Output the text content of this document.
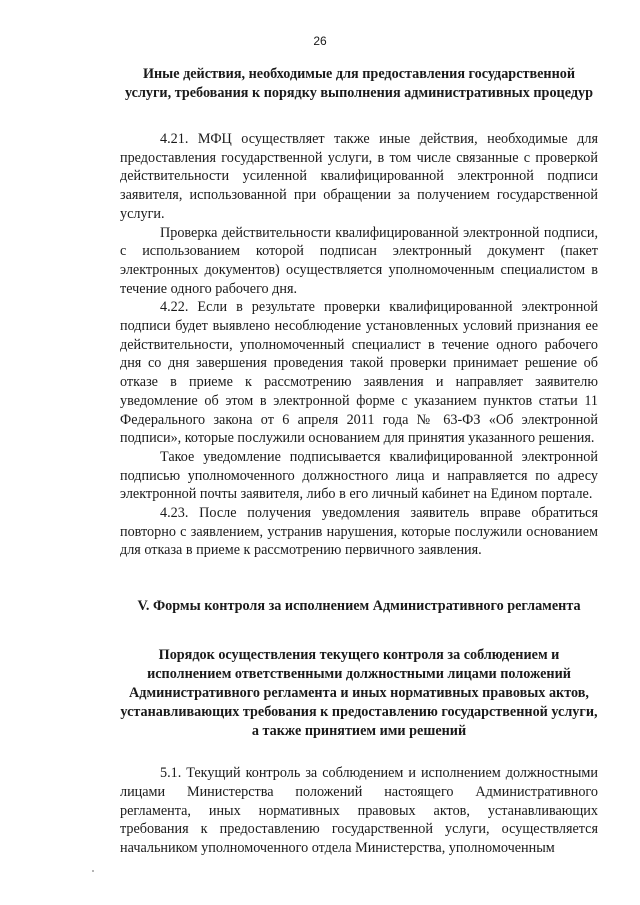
26
Иные действия, необходимые для предоставления государственной услуги, требования к порядку выполнения административных процедур

4.21. МФЦ осуществляет также иные действия, необходимые для предоставления государственной услуги, в том числе связанные с проверкой действительности усиленной квалифицированной электронной подписи заявителя, использованной при обращении за получением государственной услуги.

Проверка действительности квалифицированной электронной подписи, с использованием которой подписан электронный документ (пакет электронных документов) осуществляется уполномоченным специалистом в течение одного рабочего дня.

4.22. Если в результате проверки квалифицированной электронной подписи будет выявлено несоблюдение установленных условий признания ее действительности, уполномоченный специалист в течение одного рабочего дня со дня завершения проведения такой проверки принимает решение об отказе в приеме к рассмотрению заявления и направляет заявителю уведомление об этом в электронной форме с указанием пунктов статьи 11 Федерального закона от 6 апреля 2011 года № 63-ФЗ «Об электронной подписи», которые послужили основанием для принятия указанного решения.

Такое уведомление подписывается квалифицированной электронной подписью уполномоченного должностного лица и направляется по адресу электронной почты заявителя, либо в его личный кабинет на Едином портале.

4.23. После получения уведомления заявитель вправе обратиться повторно с заявлением, устранив нарушения, которые послужили основанием для отказа в приеме к рассмотрению первичного заявления.

V. Формы контроля за исполнением Административного регламента
Порядок осуществления текущего контроля за соблюдением и исполнением ответственными должностными лицами положений Административного регламента и иных нормативных правовых актов, устанавливающих требования к предоставлению государственной услуги, а также принятием ими решений

5.1. Текущий контроль за соблюдением и исполнением должностными лицами Министерства положений настоящего Административного регламента, иных нормативных правовых актов, устанавливающих требования к предоставлению государственной услуги, осуществляется начальником уполномоченного отдела Министерства, уполномоченным
